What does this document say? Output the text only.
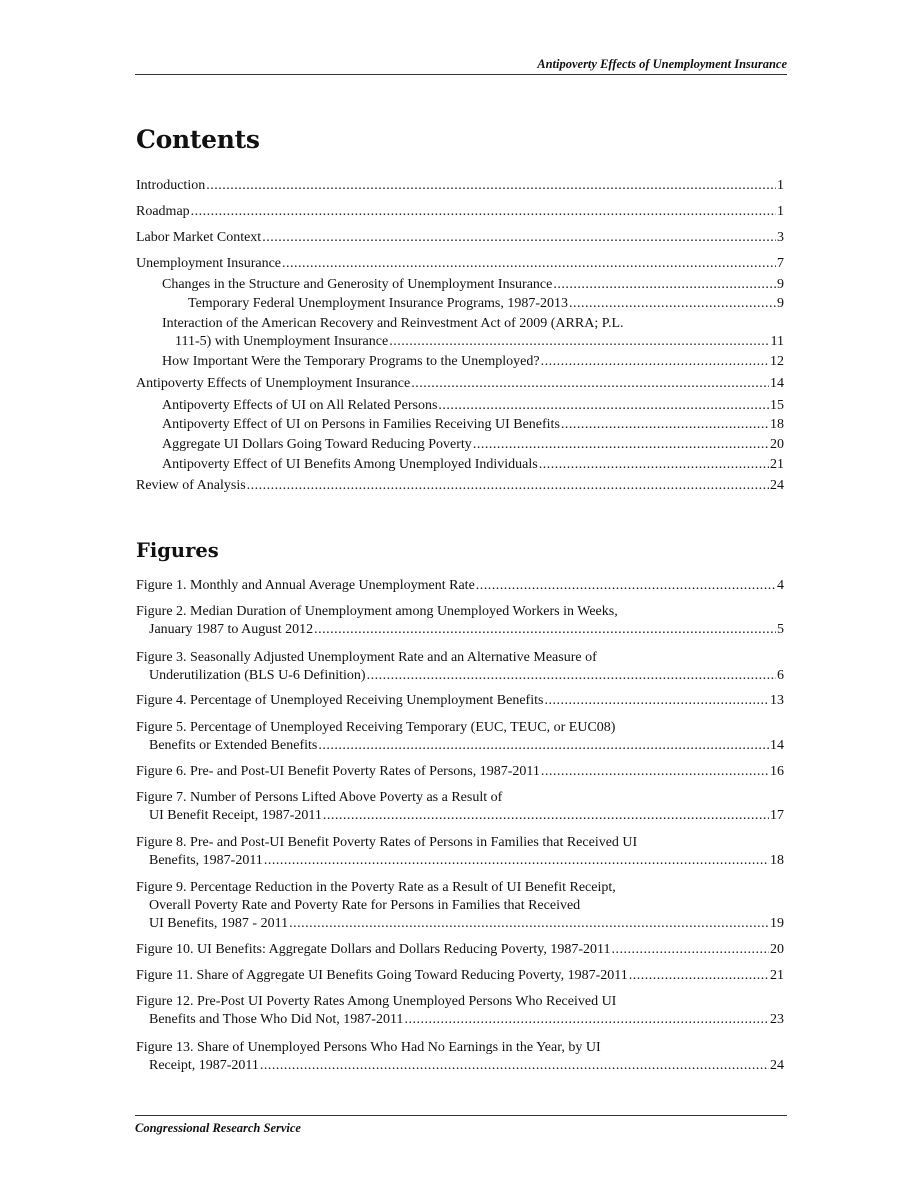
Antipoverty Effects of Unemployment Insurance
Contents
Introduction .....	1
Roadmap .....	1
Labor Market Context .....	3
Unemployment Insurance .....	7
Changes in the Structure and Generosity of Unemployment Insurance .....	9
Temporary Federal Unemployment Insurance Programs, 1987-2013 .....	9
Interaction of the American Recovery and Reinvestment Act of 2009 (ARRA; P.L.
111-5) with Unemployment Insurance .....	11
How Important Were the Temporary Programs to the Unemployed? .....	12
Antipoverty Effects of Unemployment Insurance .....	14
Antipoverty Effects of UI on All Related Persons .....	15
Antipoverty Effect of UI on Persons in Families Receiving UI Benefits .....	18
Aggregate UI Dollars Going Toward Reducing Poverty .....	20
Antipoverty Effect of UI Benefits Among Unemployed Individuals .....	21
Review of Analysis .....	24
Figures
Figure 1. Monthly and Annual Average Unemployment Rate .....	4
Figure 2. Median Duration of Unemployment among Unemployed Workers in Weeks,
January 1987 to August 2012 .....	5
Figure 3. Seasonally Adjusted Unemployment Rate and an Alternative Measure of
Underutilization (BLS U-6 Definition) .....	6
Figure 4. Percentage of Unemployed Receiving Unemployment Benefits .....	13
Figure 5. Percentage of Unemployed Receiving Temporary (EUC, TEUC, or EUC08)
Benefits or Extended Benefits .....	14
Figure 6. Pre- and Post-UI Benefit Poverty Rates of Persons, 1987-2011 .....	16
Figure 7. Number of Persons Lifted Above Poverty as a Result of
UI Benefit Receipt, 1987-2011 .....	17
Figure 8. Pre- and Post-UI Benefit Poverty Rates of Persons in Families that Received UI
Benefits, 1987-2011 .....	18
Figure 9. Percentage Reduction in the Poverty Rate as a Result of UI Benefit Receipt,
Overall Poverty Rate and Poverty Rate for Persons in Families that Received
UI Benefits, 1987 - 2011 .....	19
Figure 10. UI Benefits: Aggregate Dollars and Dollars Reducing Poverty, 1987-2011 .....	20
Figure 11. Share of Aggregate UI Benefits Going Toward Reducing Poverty, 1987-2011 .....	21
Figure 12. Pre-Post UI Poverty Rates Among Unemployed Persons Who Received UI
Benefits and Those Who Did Not, 1987-2011 .....	23
Figure 13. Share of Unemployed Persons Who Had No Earnings in the Year, by UI
Receipt, 1987-2011 .....	24
Congressional Research Service
